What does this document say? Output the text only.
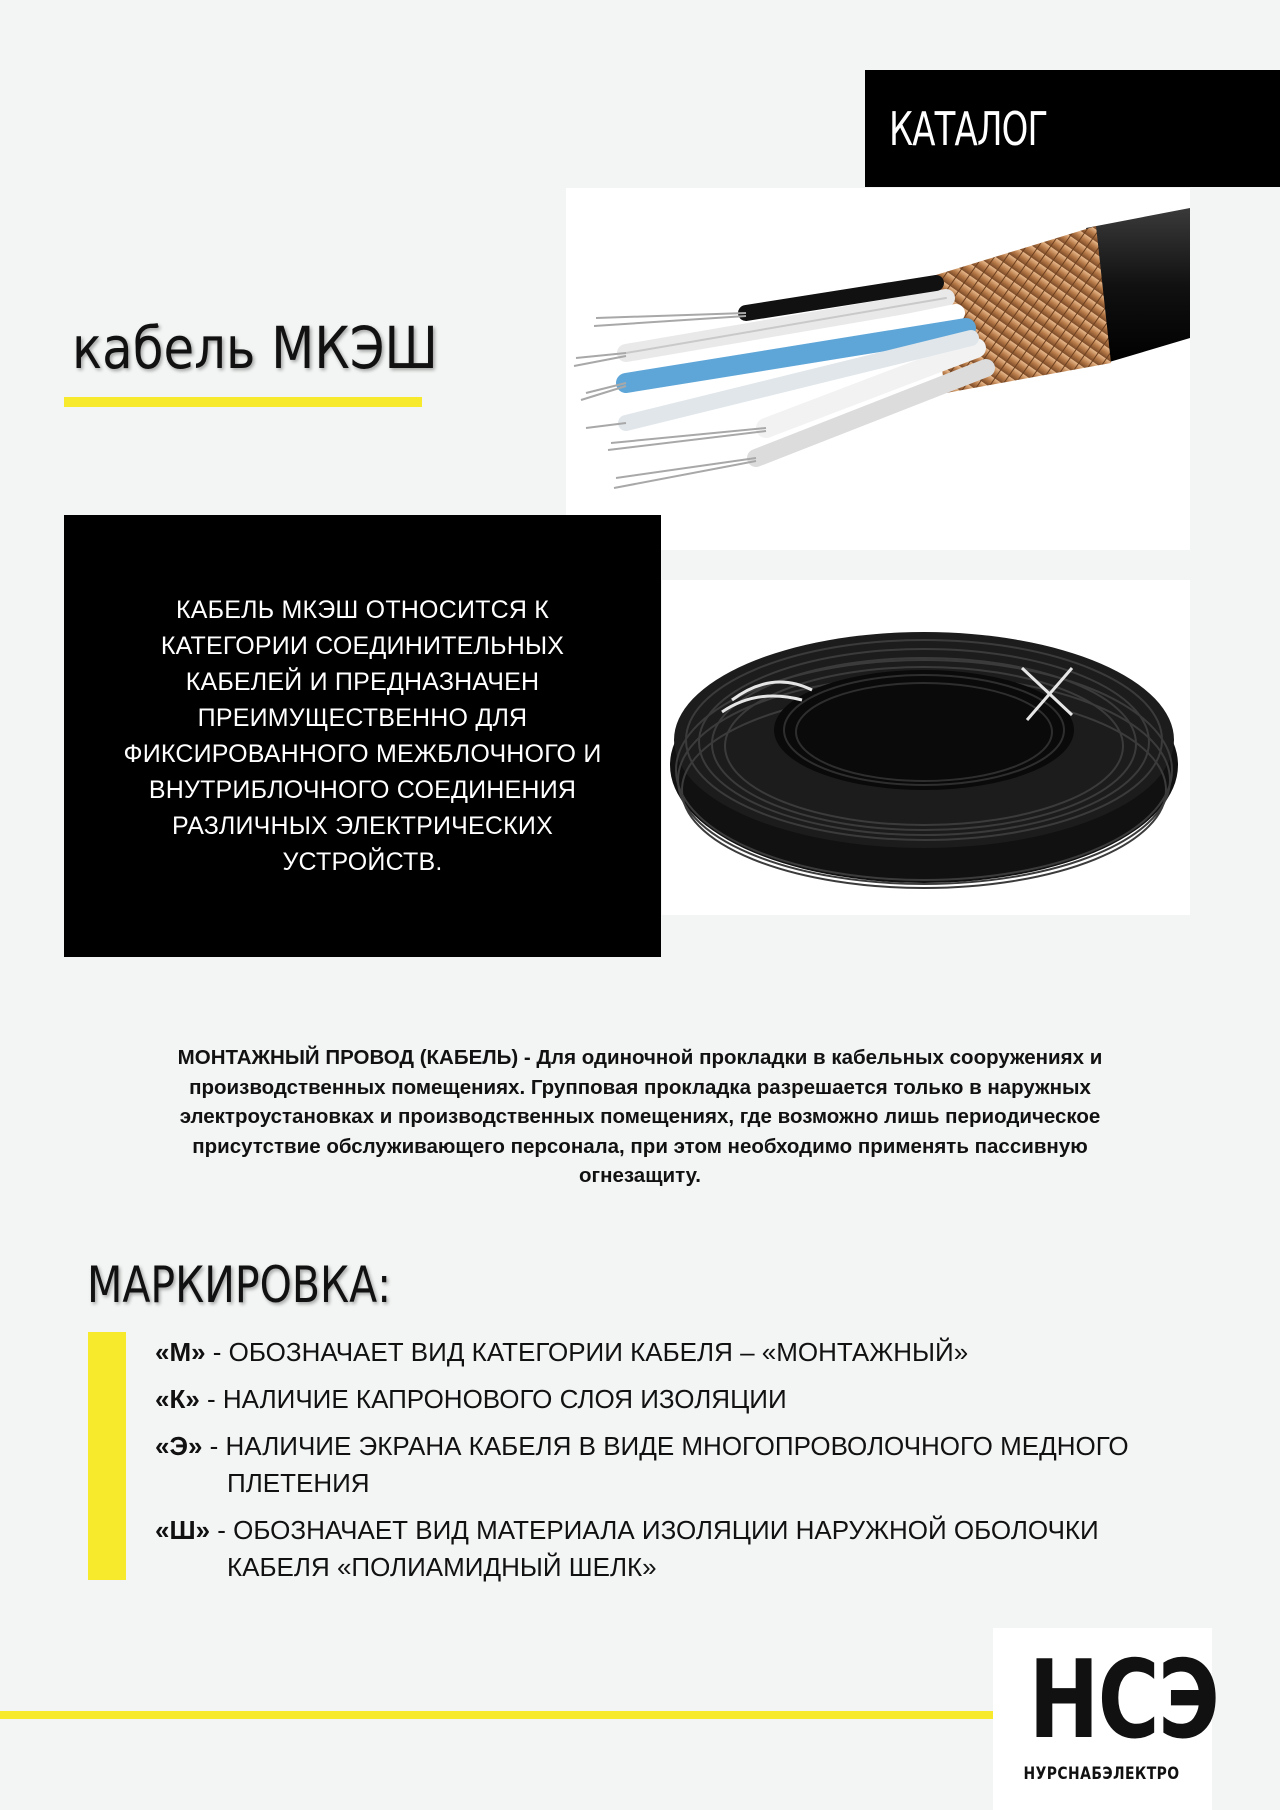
КАТАЛОГ
кабель МКЭШ

КАБЕЛЬ МКЭШ ОТНОСИТСЯ К КАТЕГОРИИ СОЕДИНИТЕЛЬНЫХ КАБЕЛЕЙ И ПРЕДНАЗНАЧЕН ПРЕИМУЩЕСТВЕННО ДЛЯ ФИКСИРОВАННОГО МЕЖБЛОЧНОГО И ВНУТРИБЛОЧНОГО СОЕДИНЕНИЯ РАЗЛИЧНЫХ ЭЛЕКТРИЧЕСКИХ УСТРОЙСТВ.

МОНТАЖНЫЙ ПРОВОД (КАБЕЛЬ) - Для одиночной прокладки в кабельных сооружениях и производственных помещениях. Групповая прокладка разрешается только в наружных электроустановках и производственных помещениях, где возможно лишь периодическое присутствие обслуживающего персонала, при этом необходимо применять пассивную огнезащиту.
МАРКИРОВКА:
«М» - ОБОЗНАЧАЕТ ВИД КАТЕГОРИИ КАБЕЛЯ – «МОНТАЖНЫЙ»
«К» - НАЛИЧИЕ КАПРОНОВОГО СЛОЯ ИЗОЛЯЦИИ
«Э» - НАЛИЧИЕ ЭКРАНА КАБЕЛЯ В ВИДЕ МНОГОПРОВОЛОЧНОГО МЕДНОГО
ПЛЕТЕНИЯ
«Ш» - ОБОЗНАЧАЕТ ВИД МАТЕРИАЛА ИЗОЛЯЦИИ НАРУЖНОЙ ОБОЛОЧКИ
КАБЕЛЯ «ПОЛИАМИДНЫЙ ШЕЛК»
НСЭ
НУРСНАБЭЛЕКТРО
